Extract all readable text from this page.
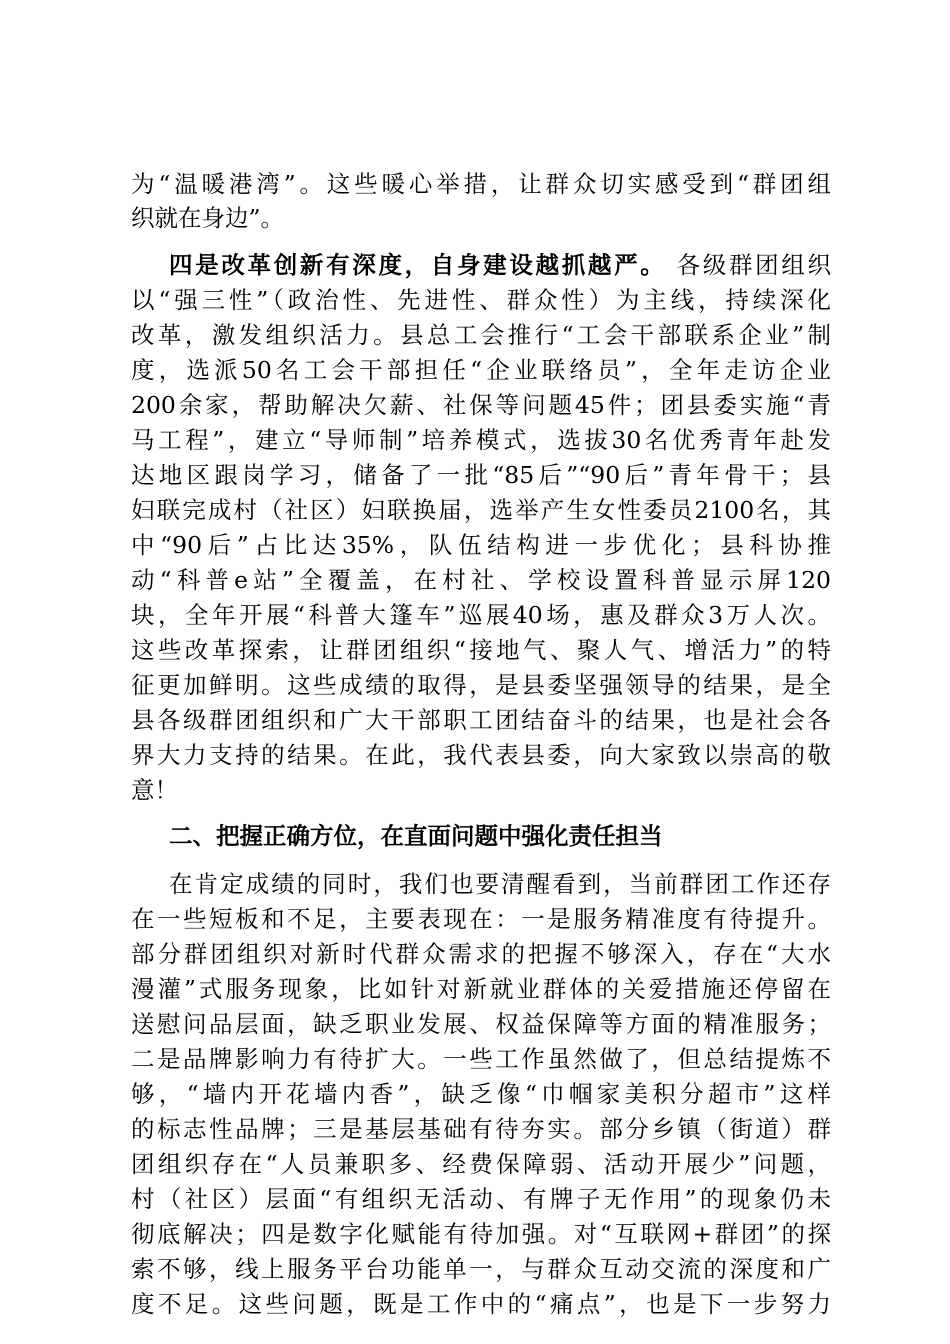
为“温暖港湾”。这些暖心举措，让群众切实感受到“群团组
织就在身边”。
四是改革创新有深度，自身建设越抓越严。 各级群团组织
以“强三性”（政治性、先进性、群众性）为主线，持续深化
改革，激发组织活力。县总工会推行“工会干部联系企业”制
度，选派50名工会干部担任“企业联络员”，全年走访企业
200余家，帮助解决欠薪、社保等问题45件；团县委实施“青
马工程”，建立“导师制”培养模式，选拔30名优秀青年赴发
达地区跟岗学习，储备了一批“85后”“90后”青年骨干；县
妇联完成村（社区）妇联换届，选举产生女性委员2100名，其
中“90后”占比达35%，队伍结构进一步优化；县科协推
动“科普e站”全覆盖，在村社、学校设置科普显示屏120
块，全年开展“科普大篷车”巡展40场，惠及群众3万人次。
这些改革探索，让群团组织“接地气、聚人气、增活力”的特
征更加鲜明。这些成绩的取得，是县委坚强领导的结果，是全
县各级群团组织和广大干部职工团结奋斗的结果，也是社会各
界大力支持的结果。在此，我代表县委，向大家致以崇高的敬
意！
二、把握正确方位，在直面问题中强化责任担当
在肯定成绩的同时，我们也要清醒看到，当前群团工作还存
在一些短板和不足，主要表现在：一是服务精准度有待提升。
部分群团组织对新时代群众需求的把握不够深入，存在“大水
漫灌”式服务现象，比如针对新就业群体的关爱措施还停留在
送慰问品层面，缺乏职业发展、权益保障等方面的精准服务；
二是品牌影响力有待扩大。一些工作虽然做了，但总结提炼不
够，“墙内开花墙内香”，缺乏像“巾帼家美积分超市”这样
的标志性品牌；三是基层基础有待夯实。部分乡镇（街道）群
团组织存在“人员兼职多、经费保障弱、活动开展少”问题，
村（社区）层面“有组织无活动、有牌子无作用”的现象仍未
彻底解决；四是数字化赋能有待加强。对“互联网+群团”的探
索不够，线上服务平台功能单一，与群众互动交流的深度和广
度不足。这些问题，既是工作中的“痛点”，也是下一步努力
